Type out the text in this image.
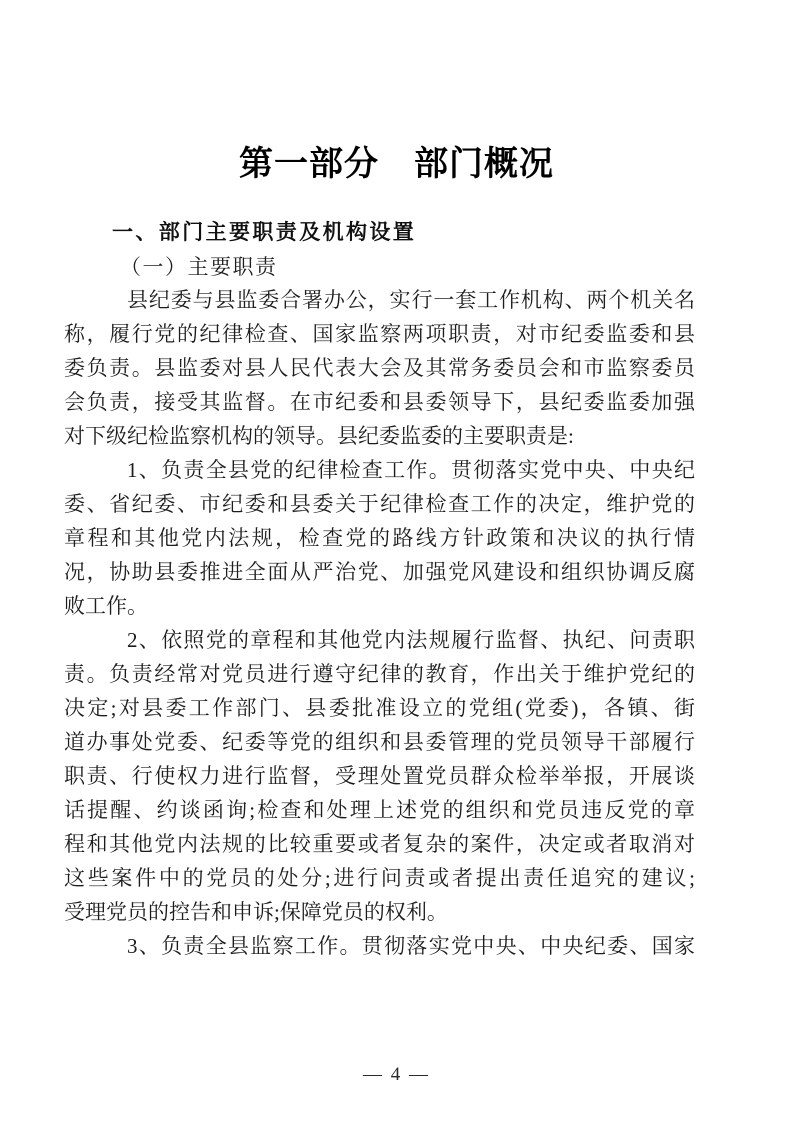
第一部分　部门概况
一、部门主要职责及机构设置
（一）主要职责
县纪委与县监委合署办公，实行一套工作机构、两个机关名
称，履行党的纪律检查、国家监察两项职责，对市纪委监委和县
委负责。县监委对县人民代表大会及其常务委员会和市监察委员
会负责，接受其监督。在市纪委和县委领导下，县纪委监委加强
对下级纪检监察机构的领导。县纪委监委的主要职责是:
1、负责全县党的纪律检查工作。贯彻落实党中央、中央纪
委、省纪委、市纪委和县委关于纪律检查工作的决定，维护党的
章程和其他党内法规，检查党的路线方针政策和决议的执行情
况，协助县委推进全面从严治党、加强党风建设和组织协调反腐
败工作。
2、依照党的章程和其他党内法规履行监督、执纪、问责职
责。负责经常对党员进行遵守纪律的教育，作出关于维护党纪的
决定;对县委工作部门、县委批准设立的党组(党委)，各镇、街
道办事处党委、纪委等党的组织和县委管理的党员领导干部履行
职责、行使权力进行监督，受理处置党员群众检举举报，开展谈
话提醒、约谈函询;检查和处理上述党的组织和党员违反党的章
程和其他党内法规的比较重要或者复杂的案件，决定或者取消对
这些案件中的党员的处分;进行问责或者提出责任追究的建议;
受理党员的控告和申诉;保障党员的权利。
3、负责全县监察工作。贯彻落实党中央、中央纪委、国家
— 4 —
